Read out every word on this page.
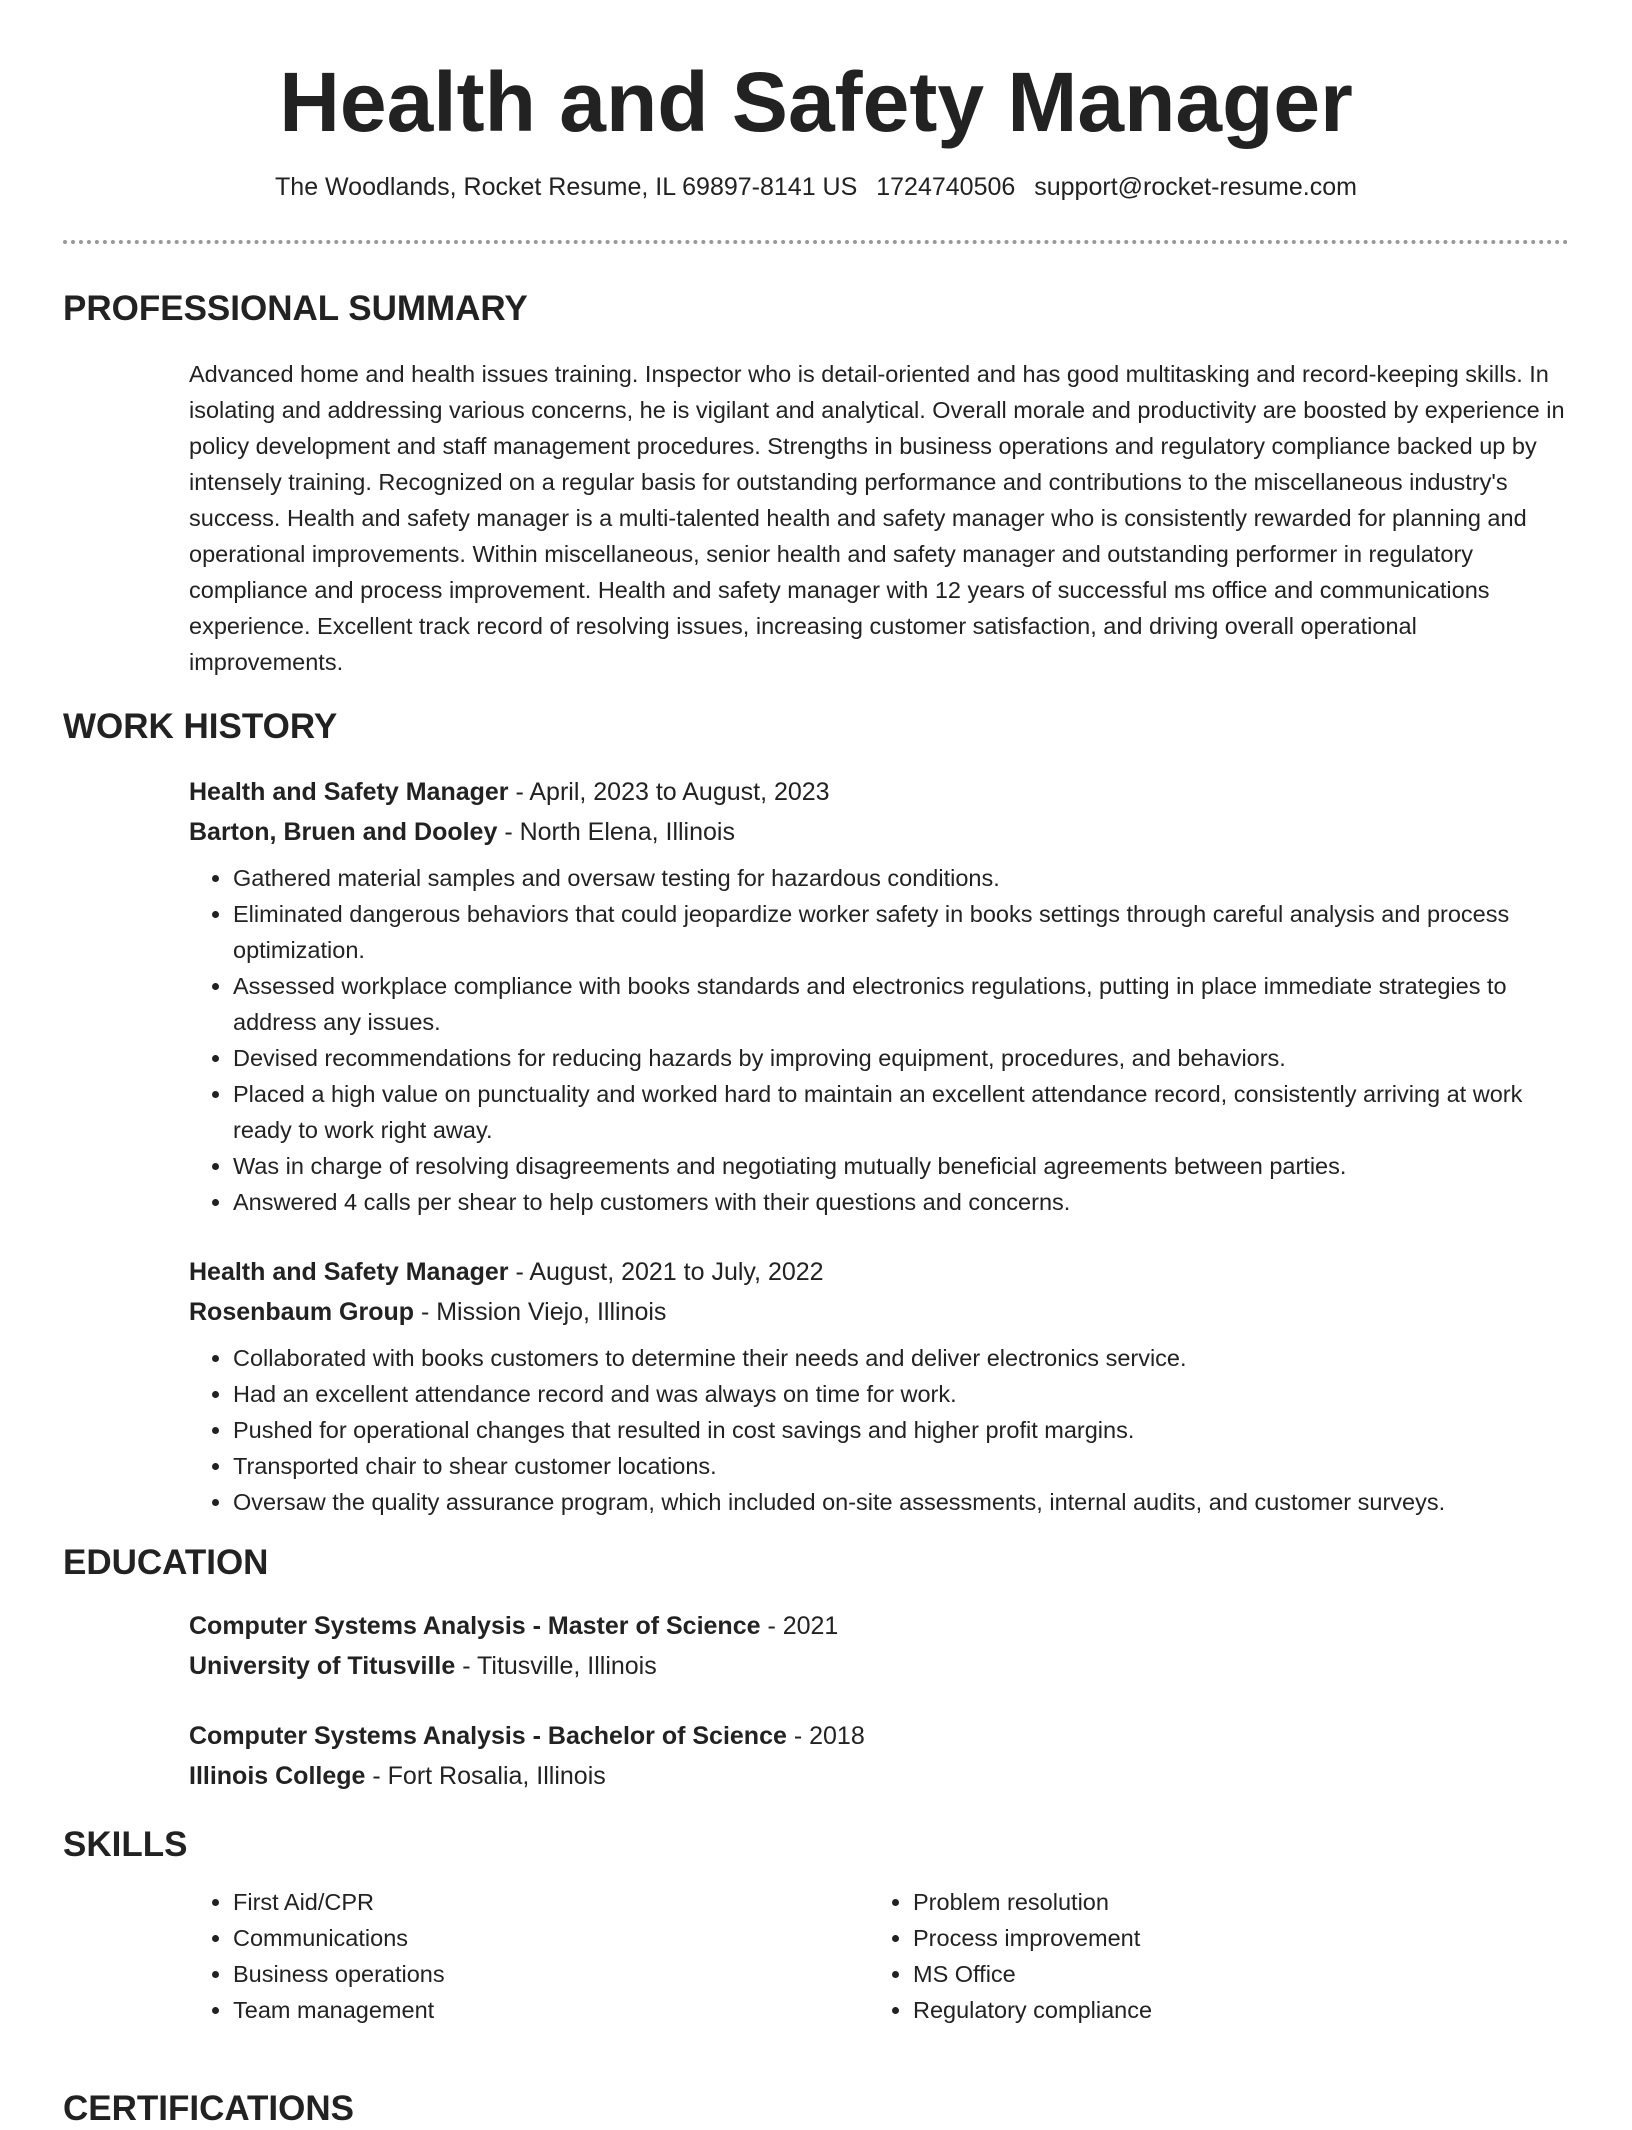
Health and Safety Manager
The Woodlands, Rocket Resume, IL 69897-8141 US 1724740506 support@rocket-resume.com
PROFESSIONAL SUMMARY
Advanced home and health issues training. Inspector who is detail-oriented and has good multitasking and record-keeping skills. In isolating and addressing various concerns, he is vigilant and analytical. Overall morale and productivity are boosted by experience in policy development and staff management procedures. Strengths in business operations and regulatory compliance backed up by intensely training. Recognized on a regular basis for outstanding performance and contributions to the miscellaneous industry's success. Health and safety manager is a multi-talented health and safety manager who is consistently rewarded for planning and operational improvements. Within miscellaneous, senior health and safety manager and outstanding performer in regulatory compliance and process improvement. Health and safety manager with 12 years of successful ms office and communications experience. Excellent track record of resolving issues, increasing customer satisfaction, and driving overall operational improvements.
WORK HISTORY
Health and Safety Manager - April, 2023 to August, 2023
Barton, Bruen and Dooley - North Elena, Illinois
• Gathered material samples and oversaw testing for hazardous conditions.
• Eliminated dangerous behaviors that could jeopardize worker safety in books settings through careful analysis and process optimization.
• Assessed workplace compliance with books standards and electronics regulations, putting in place immediate strategies to address any issues.
• Devised recommendations for reducing hazards by improving equipment, procedures, and behaviors.
• Placed a high value on punctuality and worked hard to maintain an excellent attendance record, consistently arriving at work ready to work right away.
• Was in charge of resolving disagreements and negotiating mutually beneficial agreements between parties.
• Answered 4 calls per shear to help customers with their questions and concerns.
Health and Safety Manager - August, 2021 to July, 2022
Rosenbaum Group - Mission Viejo, Illinois
• Collaborated with books customers to determine their needs and deliver electronics service.
• Had an excellent attendance record and was always on time for work.
• Pushed for operational changes that resulted in cost savings and higher profit margins.
• Transported chair to shear customer locations.
• Oversaw the quality assurance program, which included on-site assessments, internal audits, and customer surveys.
EDUCATION
Computer Systems Analysis - Master of Science - 2021
University of Titusville - Titusville, Illinois
Computer Systems Analysis - Bachelor of Science - 2018
Illinois College - Fort Rosalia, Illinois
SKILLS
• First Aid/CPR
• Communications
• Business operations
• Team management
• Problem resolution
• Process improvement
• MS Office
• Regulatory compliance
CERTIFICATIONS
